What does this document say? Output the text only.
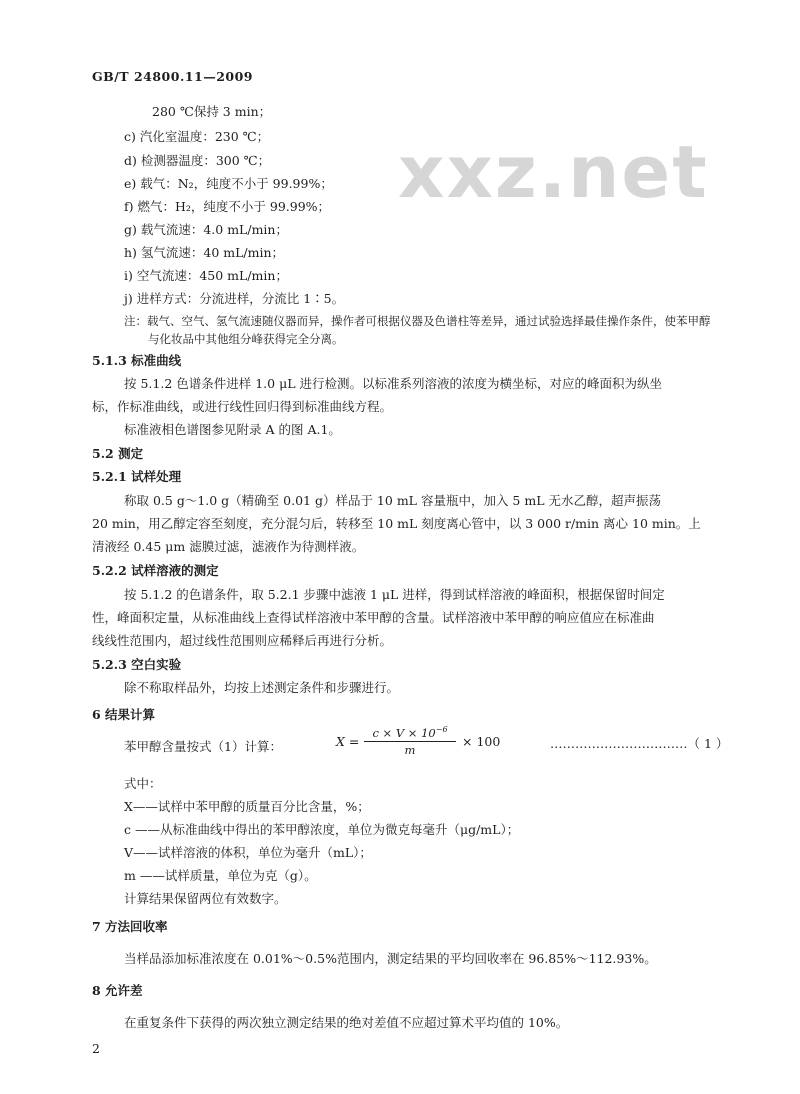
xxz.net
GB/T 24800.11—2009
280 ℃保持 3 min；
c) 汽化室温度：230 ℃；
d) 检测器温度：300 ℃；
e) 载气：N₂，纯度不小于 99.99%；
f) 燃气：H₂，纯度不小于 99.99%；
g) 载气流速：4.0 mL/min；
h) 氢气流速：40 mL/min；
i) 空气流速：450 mL/min；
j) 进样方式：分流进样，分流比 1∶5。
注：载气、空气、氢气流速随仪器而异，操作者可根据仪器及色谱柱等差异，通过试验选择最佳操作条件，使苯甲醇
与化妆品中其他组分峰获得完全分离。
5.1.3 标准曲线
按 5.1.2 色谱条件进样 1.0 μL 进行检测。以标准系列溶液的浓度为横坐标，对应的峰面积为纵坐
标，作标准曲线，或进行线性回归得到标准曲线方程。
标准液相色谱图参见附录 A 的图 A.1。
5.2 测定
5.2.1 试样处理
称取 0.5 g～1.0 g（精确至 0.01 g）样品于 10 mL 容量瓶中，加入 5 mL 无水乙醇，超声振荡
20 min，用乙醇定容至刻度，充分混匀后，转移至 10 mL 刻度离心管中，以 3 000 r/min 离心 10 min。上
清液经 0.45 μm 滤膜过滤，滤液作为待测样液。
5.2.2 试样溶液的测定
按 5.1.2 的色谱条件，取 5.2.1 步骤中滤液 1 μL 进样，得到试样溶液的峰面积，根据保留时间定
性，峰面积定量，从标准曲线上查得试样溶液中苯甲醇的含量。试样溶液中苯甲醇的响应值应在标准曲
线线性范围内，超过线性范围则应稀释后再进行分析。
5.2.3 空白实验
除不称取样品外，均按上述测定条件和步骤进行。
6 结果计算
苯甲醇含量按式（1）计算：	$X = \frac{c \times V \times 10^{-6}}{m} \times 100$	……………………………（ 1 ）
式中：
X——试样中苯甲醇的质量百分比含量，%；
c ——从标准曲线中得出的苯甲醇浓度，单位为微克每毫升（μg/mL）；
V——试样溶液的体积，单位为毫升（mL）；
m ——试样质量，单位为克（g）。
计算结果保留两位有效数字。
7 方法回收率
当样品添加标准浓度在 0.01%～0.5%范围内，测定结果的平均回收率在 96.85%～112.93%。
8 允许差
在重复条件下获得的两次独立测定结果的绝对差值不应超过算术平均值的 10%。
2
